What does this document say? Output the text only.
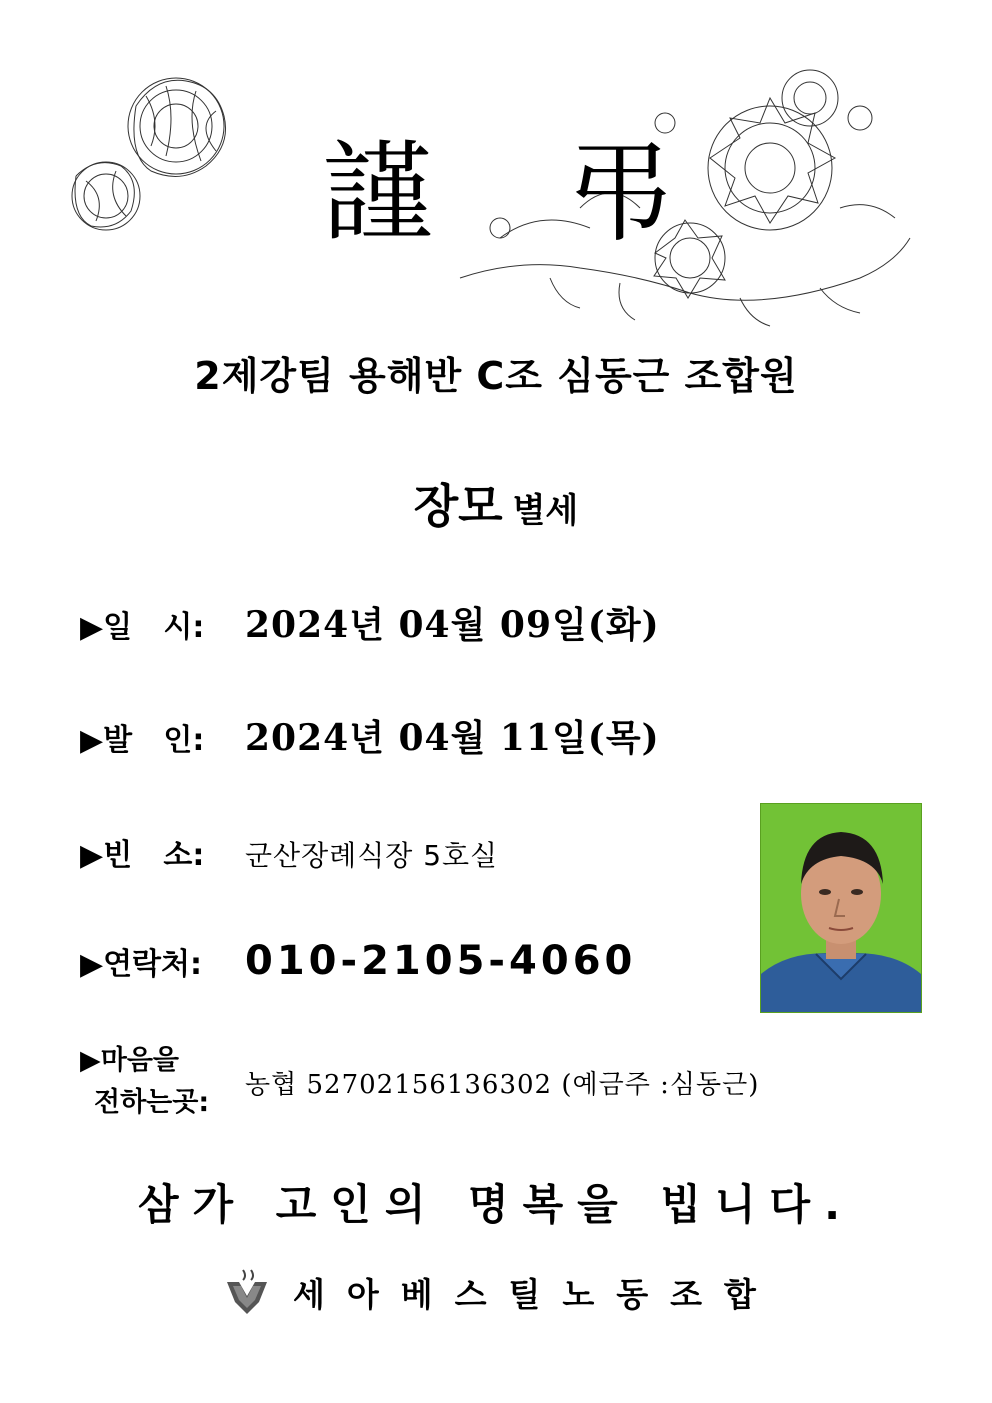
謹 弔
2제강팀 용해반 C조 심동근 조합원
장모 별세
▶일   시:	2024년 04월 09일(화)
▶발   인:	2024년 04월 11일(목)
▶빈   소:	군산장례식장 5호실
▶연락처:	010-2105-4060
▶마음을
전하는곳:
농협 52702156136302 (예금주 :심동근)
삼가 고인의 명복을 빕니다.
세아베스틸노동조합
